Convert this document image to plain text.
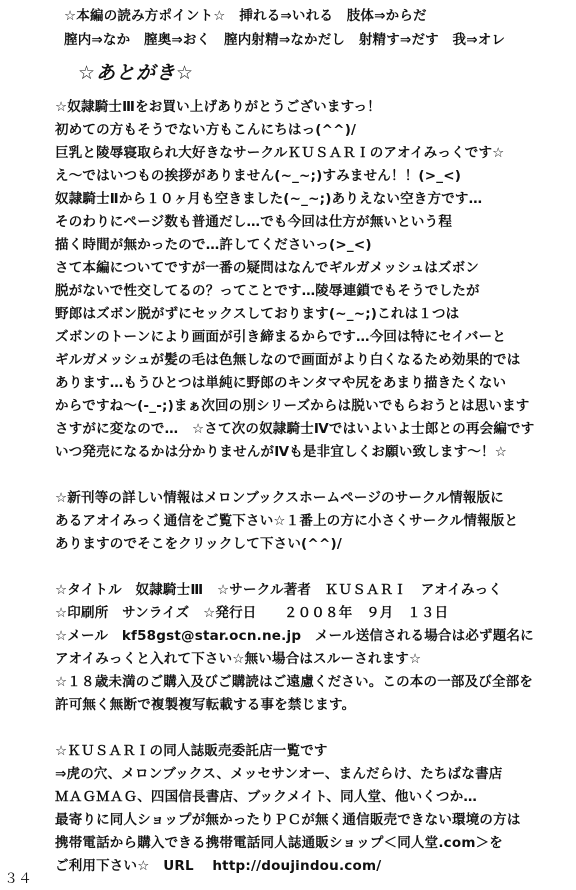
☆本編の読み方ポイント☆　挿れる⇒いれる　肢体⇒からだ
膣内⇒なか　膣奥⇒おく　膣内射精⇒なかだし　射精す⇒だす　我⇒オレ
☆あとがき☆
☆奴隷騎士Ⅲをお買い上げありがとうございますっ！
初めての方もそうでない方もこんにちはっ(^^)/
巨乳と陵辱寝取られ大好きなサークルＫＵＳＡＲＩのアオイみっくです☆
え～ではいつもの挨拶がありません(~_~;)すみません！！(>_<)
奴隷騎士Ⅱから１０ヶ月も空きました(~_~;)ありえない空き方です…
そのわりにページ数も普通だし…でも今回は仕方が無いという程
描く時間が無かったので…許してくださいっ(>_<)
さて本編についてですが一番の疑問はなんでギルガメッシュはズボン
脱がないで性交してるの？ってことです…陵辱連鎖でもそうでしたが
野郎はズボン脱がずにセックスしております(~_~;)これは１つは
ズボンのトーンにより画面が引き締まるからです…今回は特にセイバーと
ギルガメッシュが髪の毛は色無しなので画面がより白くなるため効果的では
あります…もうひとつは単純に野郎のキンタマや尻をあまり描きたくない
からですね～(-_-;)まぁ次回の別シリーズからは脱いでもらおうとは思います
さすがに変なので…　☆さて次の奴隷騎士Ⅳではいよいよ士郎との再会編です
いつ発売になるかは分かりませんがⅣも是非宜しくお願い致します～！☆
☆新刊等の詳しい情報はメロンブックスホームページのサークル情報版に
あるアオイみっく通信をご覧下さい☆１番上の方に小さくサークル情報版と
ありますのでそこをクリックして下さい(^^)/
☆タイトル　奴隷騎士Ⅲ　☆サークル著者　ＫＵＳＡＲＩ　アオイみっく
☆印刷所　サンライズ　☆発行日　　２００８年　９月　１３日
☆メール　kf58gst@star.ocn.ne.jp　メール送信される場合は必ず題名に
アオイみっくと入れて下さい☆無い場合はスルーされます☆
☆１８歳未満のご購入及びご購読はご遠慮ください。この本の一部及び全部を
許可無く無断で複製複写転載する事を禁じます。
☆ＫＵＳＡＲＩの同人誌販売委託店一覧です
⇒虎の穴、メロンブックス、メッセサンオー、まんだらけ、たちばな書店
ＭＡＧＭＡＧ、四国信長書店、ブックメイト、同人堂、他いくつか…
最寄りに同人ショップが無かったりＰＣが無く通信販売できない環境の方は
携帯電話から購入できる携帯電話同人誌通販ショップ＜同人堂.com＞を
ご利用下さい☆　URL　 http://doujindou.com/
３４
